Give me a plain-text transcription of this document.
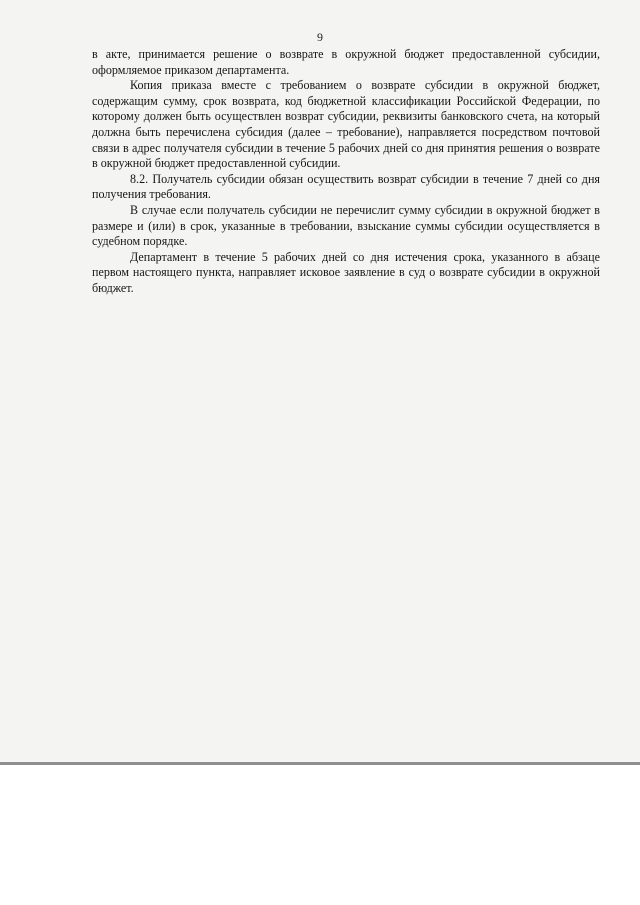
9

в акте, принимается решение о возврате в окружной бюджет предоставленной субсидии, оформляемое приказом департамента.

Копия приказа вместе с требованием о возврате субсидии в окружной бюджет, содержащим сумму, срок возврата, код бюджетной классификации Российской Федерации, по которому должен быть осуществлен возврат субсидии, реквизиты банковского счета, на который должна быть перечислена субсидия (далее – требование), направляется посредством почтовой связи в адрес получателя субсидии в течение 5 рабочих дней со дня принятия решения о возврате в окружной бюджет предоставленной субсидии.

8.2. Получатель субсидии обязан осуществить возврат субсидии в течение 7 дней со дня получения требования.

В случае если получатель субсидии не перечислит сумму субсидии в окружной бюджет в размере и (или) в срок, указанные в требовании, взыскание суммы субсидии осуществляется в судебном порядке.

Департамент в течение 5 рабочих дней со дня истечения срока, указанного в абзаце первом настоящего пункта, направляет исковое заявление в суд о возврате субсидии в окружной бюджет.
